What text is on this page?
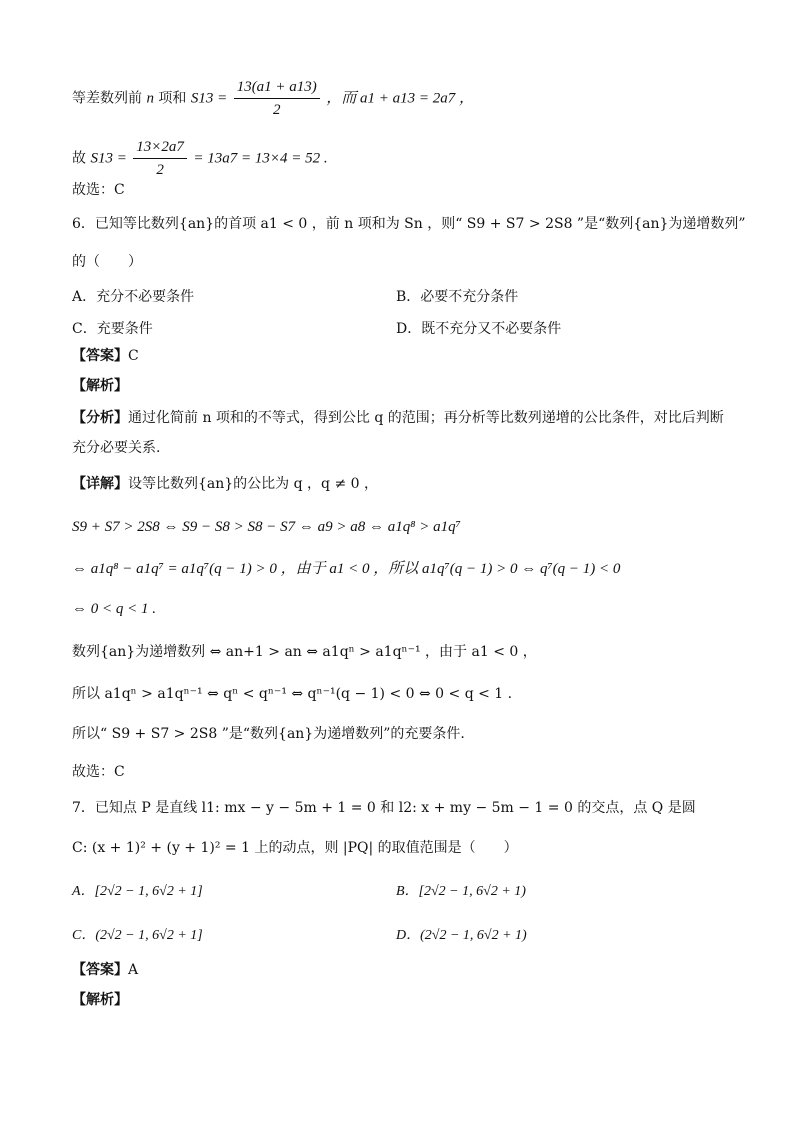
等差数列前 n 项和 $S13 = \frac{13(a1 + a13)}{2}$ ，而 a1 + a13 = 2a7 ，
故 $S13 = \frac{13\times 2a7}{2} = 13a7 = 13\times 4 = 52$ .
故选：C
6．已知等比数列{an}的首项 a1 < 0 ，前 n 项和为 Sn ，则“ S9 + S7 > 2S8 ”是“数列{an}为递增数列”
的（　　）
A．充分不必要条件	B．必要不充分条件
C．充要条件	D．既不充分又不必要条件
【答案】C
【解析】
【分析】通过化简前 n 项和的不等式，得到公比 q 的范围；再分析等比数列递增的公比条件，对比后判断
充分必要关系.
【详解】设等比数列{an}的公比为 q ，q ≠ 0 ，
S9 + S7 > 2S8 ⇔ S9 − S8 > S8 − S7 ⇔ a9 > a8 ⇔ a1q⁸ > a1q⁷
⇔ a1q⁸ − a1q⁷ = a1q⁷(q − 1) > 0 ，由于 a1 < 0 ，所以 a1q⁷(q − 1) > 0 ⇔ q⁷(q − 1) < 0
⇔ 0 < q < 1 .
数列{an}为递增数列 ⇔ an+1 > an ⇔ a1qⁿ > a1qⁿ⁻¹ ，由于 a1 < 0 ，
所以 a1qⁿ > a1qⁿ⁻¹ ⇔ qⁿ < qⁿ⁻¹ ⇔ qⁿ⁻¹(q − 1) < 0 ⇔ 0 < q < 1 .
所以“ S9 + S7 > 2S8 ”是“数列{an}为递增数列”的充要条件.
故选：C
7．已知点 P 是直线 l1: mx − y − 5m + 1 = 0 和 l2: x + my − 5m − 1 = 0 的交点，点 Q 是圆
C: (x + 1)² + (y + 1)² = 1 上的动点，则 |PQ| 的取值范围是（　　）
A．[2√2 − 1, 6√2 + 1]	B．[2√2 − 1, 6√2 + 1)
C．(2√2 − 1, 6√2 + 1]	D．(2√2 − 1, 6√2 + 1)
【答案】A
【解析】
